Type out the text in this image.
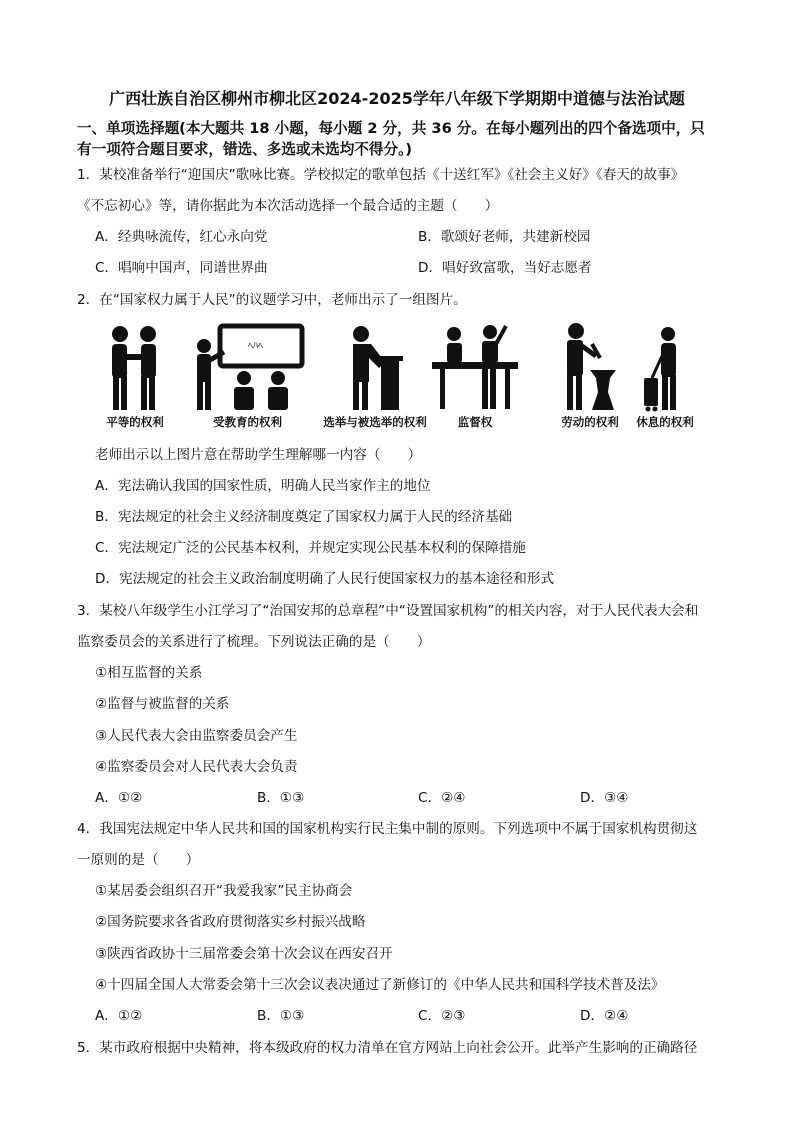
广西壮族自治区柳州市柳北区2024-2025学年八年级下学期期中道德与法治试题
一、单项选择题(本大题共 18 小题，每小题 2 分，共 36 分。在每小题列出的四个备选项中，只
有一项符合题目要求，错选、多选或未选均不得分。)
1．某校准备举行“迎国庆”歌咏比赛。学校拟定的歌单包括《十送红军》《社会主义好》《春天的故事》
《不忘初心》等，请你据此为本次活动选择一个最合适的主题（　　）
A．经典咏流传，红心永向党	B．歌颂好老师，共建新校园
C．唱响中国声，同谱世界曲	D．唱好致富歌，当好志愿者
2．在“国家权力属于人民”的议题学习中，老师出示了一组图片。
平等的权利
ﾍﾊﾍ
受教育的权利	选举与被选举的权利	监督权	劳动的权利 休息的权利
老师出示以上图片意在帮助学生理解哪一内容（　　）
A．宪法确认我国的国家性质，明确人民当家作主的地位
B．宪法规定的社会主义经济制度奠定了国家权力属于人民的经济基础
C．宪法规定广泛的公民基本权利，并规定实现公民基本权利的保障措施
D．宪法规定的社会主义政治制度明确了人民行使国家权力的基本途径和形式
3．某校八年级学生小江学习了“治国安邦的总章程”中“设置国家机构”的相关内容，对于人民代表大会和
监察委员会的关系进行了梳理。下列说法正确的是（　　）
①相互监督的关系
②监督与被监督的关系
③人民代表大会由监察委员会产生
④监察委员会对人民代表大会负责
A．①②	B．①③	C．②④	D．③④
4．我国宪法规定中华人民共和国的国家机构实行民主集中制的原则。下列选项中不属于国家机构贯彻这
一原则的是（　　）
①某居委会组织召开“我爱我家”民主协商会
②国务院要求各省政府贯彻落实乡村振兴战略
③陕西省政协十三届常委会第十次会议在西安召开
④十四届全国人大常委会第十三次会议表决通过了新修订的《中华人民共和国科学技术普及法》
A．①②	B．①③	C．②③	D．②④
5．某市政府根据中央精神，将本级政府的权力清单在官方网站上向社会公开。此举产生影响的正确路径
